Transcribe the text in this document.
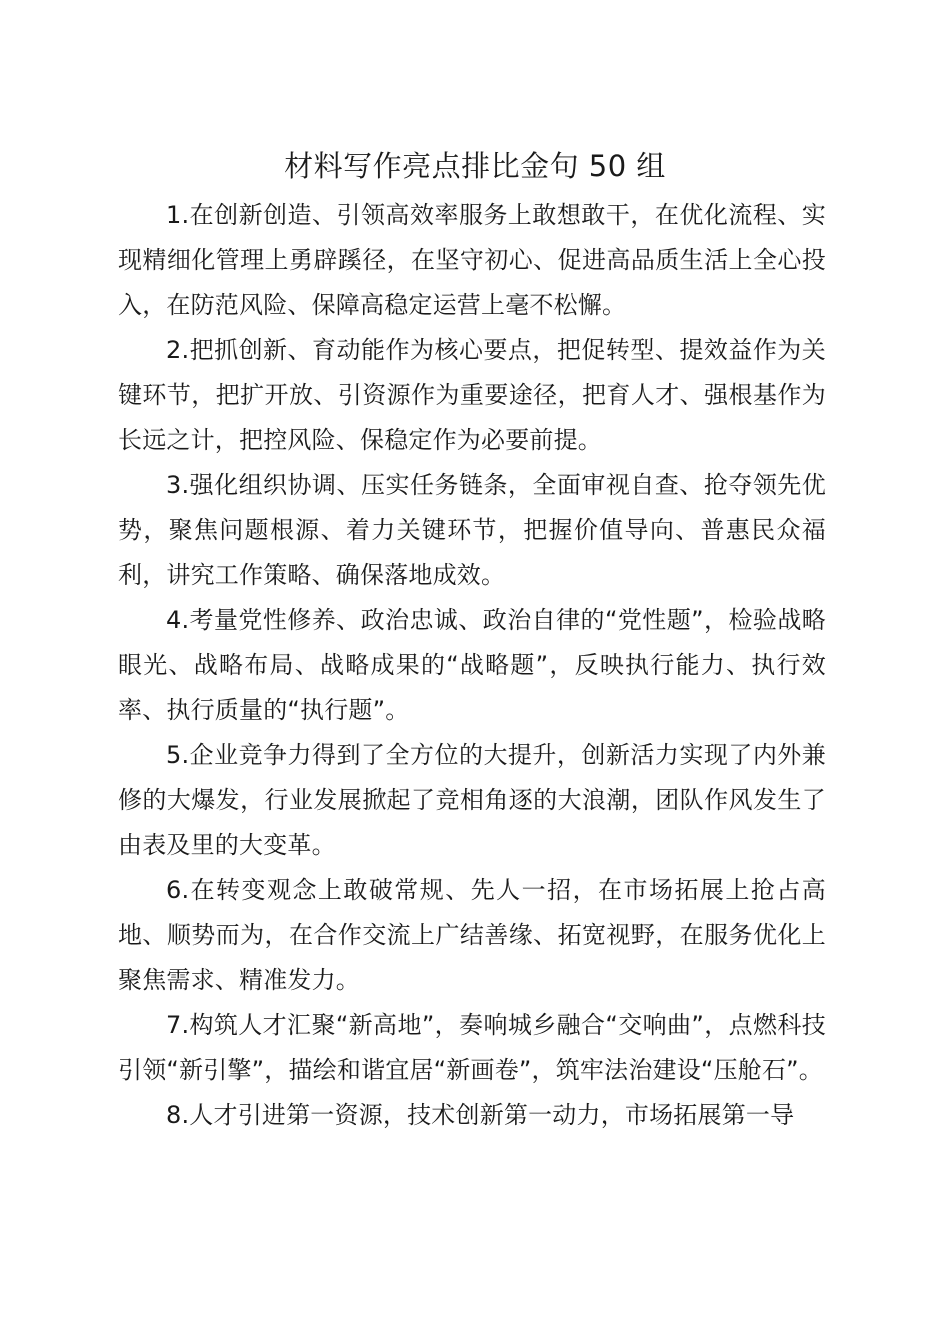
材料写作亮点排比金句 50 组

1.在创新创造、引领高效率服务上敢想敢干，在优化流程、实现精细化管理上勇辟蹊径，在坚守初心、促进高品质生活上全心投入，在防范风险、保障高稳定运营上毫不松懈。

2.把抓创新、育动能作为核心要点，把促转型、提效益作为关键环节，把扩开放、引资源作为重要途径，把育人才、强根基作为长远之计，把控风险、保稳定作为必要前提。

3.强化组织协调、压实任务链条，全面审视自查、抢夺领先优势，聚焦问题根源、着力关键环节，把握价值导向、普惠民众福利，讲究工作策略、确保落地成效。

4.考量党性修养、政治忠诚、政治自律的“党性题”，检验战略眼光、战略布局、战略成果的“战略题”，反映执行能力、执行效率、执行质量的“执行题”。

5.企业竞争力得到了全方位的大提升，创新活力实现了内外兼修的大爆发，行业发展掀起了竞相角逐的大浪潮，团队作风发生了由表及里的大变革。

6.在转变观念上敢破常规、先人一招，在市场拓展上抢占高地、顺势而为，在合作交流上广结善缘、拓宽视野，在服务优化上聚焦需求、精准发力。

7.构筑人才汇聚“新高地”，奏响城乡融合“交响曲”，点燃科技引领“新引擎”，描绘和谐宜居“新画卷”，筑牢法治建设“压舱石”。

8.人才引进第一资源，技术创新第一动力，市场拓展第一导
